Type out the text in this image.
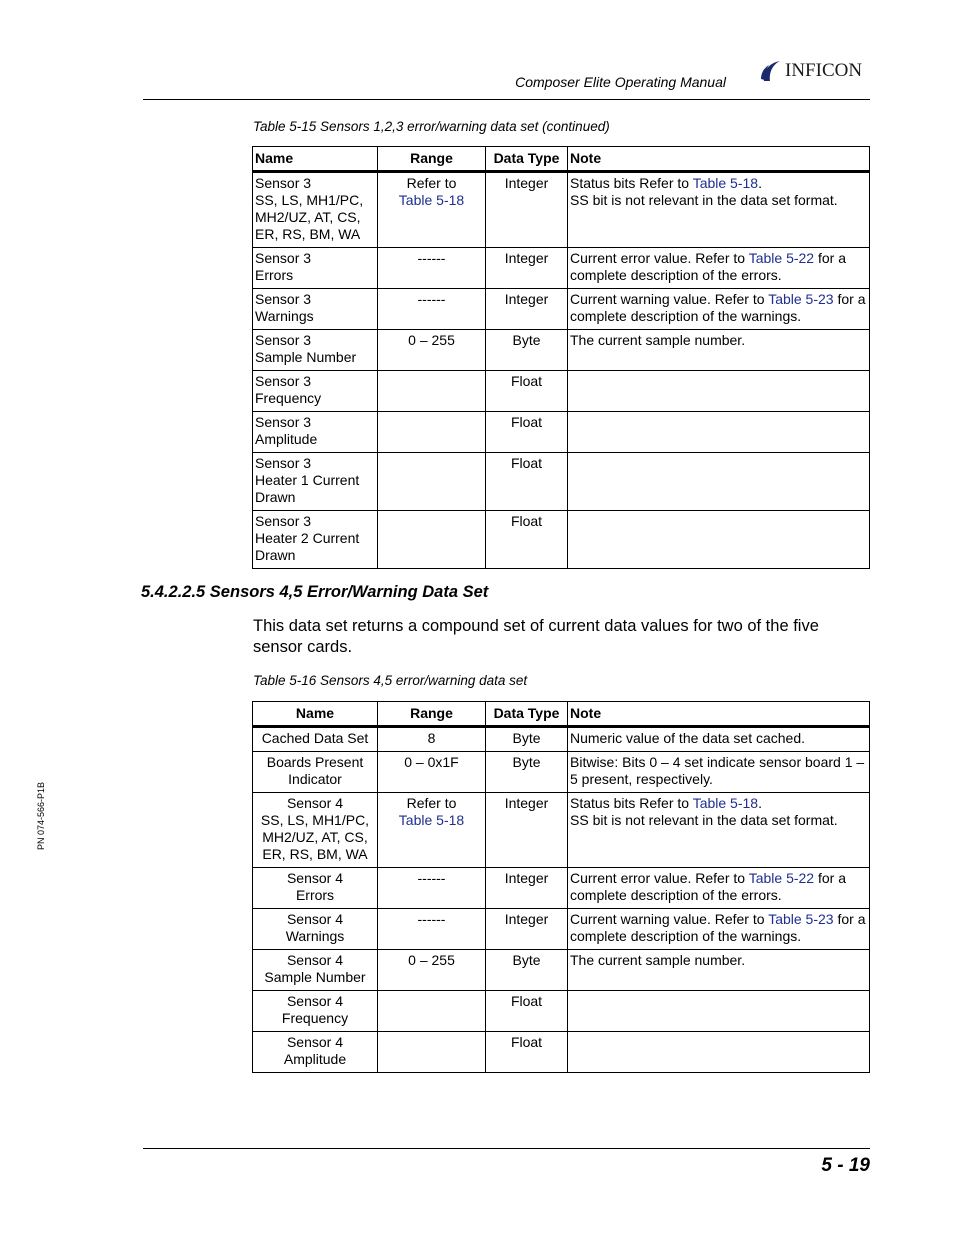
Composer Elite Operating Manual
INFICON
Table 5-15 Sensors 1,2,3 error/warning data set (continued)
Name	Range	Data Type	Note
Sensor 3
SS, LS, MH1/PC,
MH2/UZ, AT, CS,
ER, RS, BM, WA	Refer to
Table 5-18	Integer	Status bits Refer to Table 5-18.
SS bit is not relevant in the data set format.
Sensor 3
Errors	------	Integer	Current error value. Refer to Table 5-22 for a complete description of the errors.
Sensor 3
Warnings	------	Integer	Current warning value. Refer to Table 5-23 for a complete description of the warnings.
Sensor 3
Sample Number	0 – 255	Byte	The current sample number.
Sensor 3
Frequency		Float	
Sensor 3
Amplitude		Float	
Sensor 3
Heater 1 Current
Drawn		Float	
Sensor 3
Heater 2 Current
Drawn		Float	
5.4.2.2.5 Sensors 4,5 Error/Warning Data Set
This data set returns a compound set of current data values for two of the five sensor cards.
Table 5-16 Sensors 4,5 error/warning data set
Name	Range	Data Type	Note
Cached Data Set	8	Byte	Numeric value of the data set cached.
Boards Present
Indicator	0 – 0x1F	Byte	Bitwise: Bits 0 – 4 set indicate sensor board 1 – 5 present, respectively.
Sensor 4
SS, LS, MH1/PC,
MH2/UZ, AT, CS,
ER, RS, BM, WA	Refer to
Table 5-18	Integer	Status bits Refer to Table 5-18.
SS bit is not relevant in the data set format.
Sensor 4
Errors	------	Integer	Current error value. Refer to Table 5-22 for a complete description of the errors.
Sensor 4
Warnings	------	Integer	Current warning value. Refer to Table 5-23 for a complete description of the warnings.
Sensor 4
Sample Number	0 – 255	Byte	The current sample number.
Sensor 4
Frequency		Float	
Sensor 4
Amplitude		Float	
PN 074-566-P1B
5 - 19
